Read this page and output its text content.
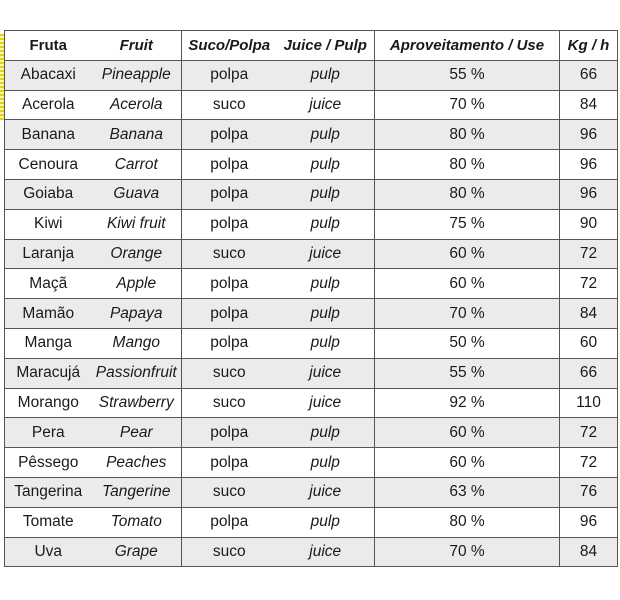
Fruta	Fruit	Suco/Polpa	Juice / Pulp	Aproveitamento / Use	Kg / h
Abacaxi	Pineapple	polpa	pulp	55 %	66
Acerola	Acerola	suco	juice	70 %	84
Banana	Banana	polpa	pulp	80 %	96
Cenoura	Carrot	polpa	pulp	80 %	96
Goiaba	Guava	polpa	pulp	80 %	96
Kiwi	Kiwi fruit	polpa	pulp	75 %	90
Laranja	Orange	suco	juice	60 %	72
Maçã	Apple	polpa	pulp	60 %	72
Mamão	Papaya	polpa	pulp	70 %	84
Manga	Mango	polpa	pulp	50 %	60
Maracujá	Passionfruit	suco	juice	55 %	66
Morango	Strawberry	suco	juice	92 %	110
Pera	Pear	polpa	pulp	60 %	72
Pêssego	Peaches	polpa	pulp	60 %	72
Tangerina	Tangerine	suco	juice	63 %	76
Tomate	Tomato	polpa	pulp	80 %	96
Uva	Grape	suco	juice	70 %	84
